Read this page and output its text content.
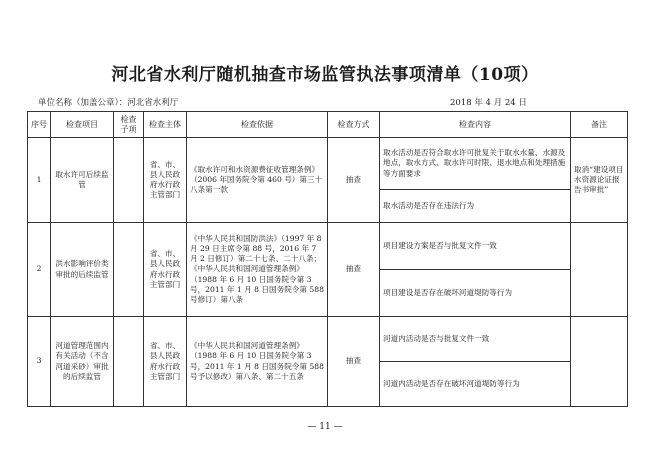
河北省水利厅随机抽查市场监管执法事项清单（10项）
单位名称（加盖公章）：河北省水利厅	2018 年 4 月 24 日
序号	检查项目	检查子项	检查主体	检查依据	检查方式	检查内容	备注
1	取水许可后续监管		省、市、县人民政府水行政主管部门	《取水许可和水资源费征收管理条例》（2006 年国务院令第 460 号）第三十八条第一款	抽查	取水活动是否符合取水许可批复关于取水水量、水源及地点，取水方式、取水许可时限、退水地点和处理措施等方面要求	取消“建设项目水资源论证报告书审批”
						取水活动是否存在违法行为	
2	洪水影响评价类审批的后续监管		省、市、县人民政府水行政主管部门	《中华人民共和国防洪法》（1997 年 8 月 29 日主席令第 88 号，2016 年 7 月 2 日修订）第二十七条、二十八条；《中华人民共和国河道管理条例》（1988 年 6 月 10 日国务院令第 3 号，2011 年 1 月 8 日国务院令第 588 号修订）第八条	抽查	项目建设方案是否与批复文件一致	
						项目建设是否存在破坏河道堤防等行为	
3	河道管理范围内有关活动（不含河道采砂）审批的后续监管		省、市、县人民政府水行政主管部门	《中华人民共和国河道管理条例》（1988 年 6 月 10 日国务院令第 3 号，2011 年 1 月 8 日国务院令第 588 号予以修改）第八条、第二十五条	抽查	河道内活动是否与批复文件一致	
						河道内活动是否存在破坏河道堤防等行为	
— 11 —
